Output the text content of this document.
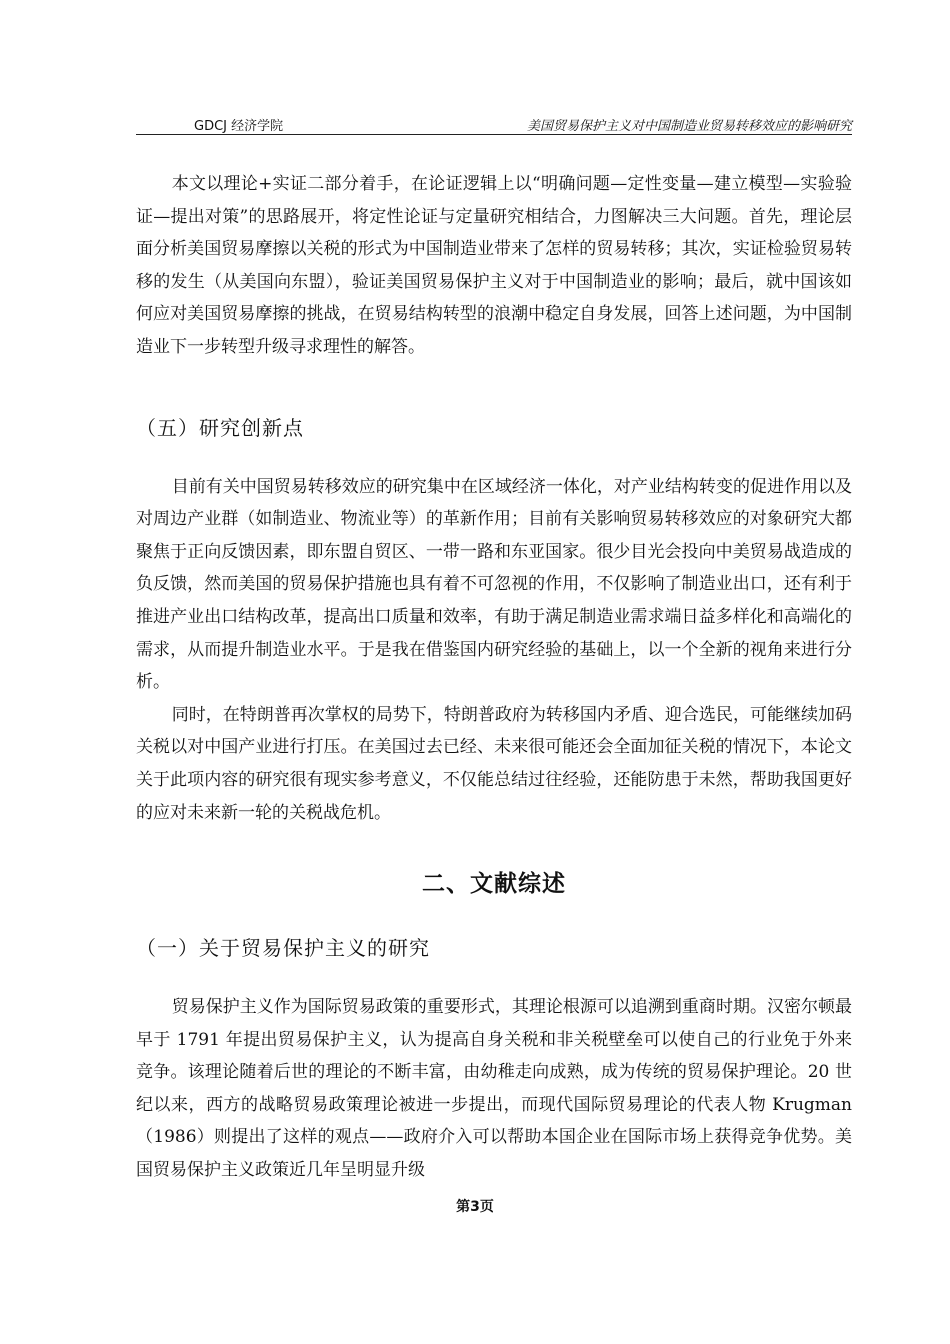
GDCJ 经济学院	美国贸易保护主义对中国制造业贸易转移效应的影响研究

本文以理论+实证二部分着手，在论证逻辑上以“明确问题—定性变量—建立模型—实验验证—提出对策”的思路展开，将定性论证与定量研究相结合，力图解决三大问题。首先，理论层面分析美国贸易摩擦以关税的形式为中国制造业带来了怎样的贸易转移；其次，实证检验贸易转移的发生（从美国向东盟），验证美国贸易保护主义对于中国制造业的影响；最后，就中国该如何应对美国贸易摩擦的挑战，在贸易结构转型的浪潮中稳定自身发展，回答上述问题，为中国制造业下一步转型升级寻求理性的解答。

（五）研究创新点

目前有关中国贸易转移效应的研究集中在区域经济一体化，对产业结构转变的促进作用以及对周边产业群（如制造业、物流业等）的革新作用；目前有关影响贸易转移效应的对象研究大都聚焦于正向反馈因素，即东盟自贸区、一带一路和东亚国家。很少目光会投向中美贸易战造成的负反馈，然而美国的贸易保护措施也具有着不可忽视的作用，不仅影响了制造业出口，还有利于推进产业出口结构改革，提高出口质量和效率，有助于满足制造业需求端日益多样化和高端化的需求，从而提升制造业水平。于是我在借鉴国内研究经验的基础上，以一个全新的视角来进行分析。

同时，在特朗普再次掌权的局势下，特朗普政府为转移国内矛盾、迎合选民，可能继续加码关税以对中国产业进行打压。在美国过去已经、未来很可能还会全面加征关税的情况下，本论文关于此项内容的研究很有现实参考意义，不仅能总结过往经验，还能防患于未然，帮助我国更好的应对未来新一轮的关税战危机。

二、文献综述
（一）关于贸易保护主义的研究

贸易保护主义作为国际贸易政策的重要形式，其理论根源可以追溯到重商时期。汉密尔顿最早于 1791 年提出贸易保护主义，认为提高自身关税和非关税壁垒可以使自己的行业免于外来竞争。该理论随着后世的理论的不断丰富，由幼稚走向成熟，成为传统的贸易保护理论。20 世纪以来，西方的战略贸易政策理论被进一步提出，而现代国际贸易理论的代表人物 Krugman（1986）则提出了这样的观点——政府介入可以帮助本国企业在国际市场上获得竞争优势。美国贸易保护主义政策近几年呈明显升级

第3页
